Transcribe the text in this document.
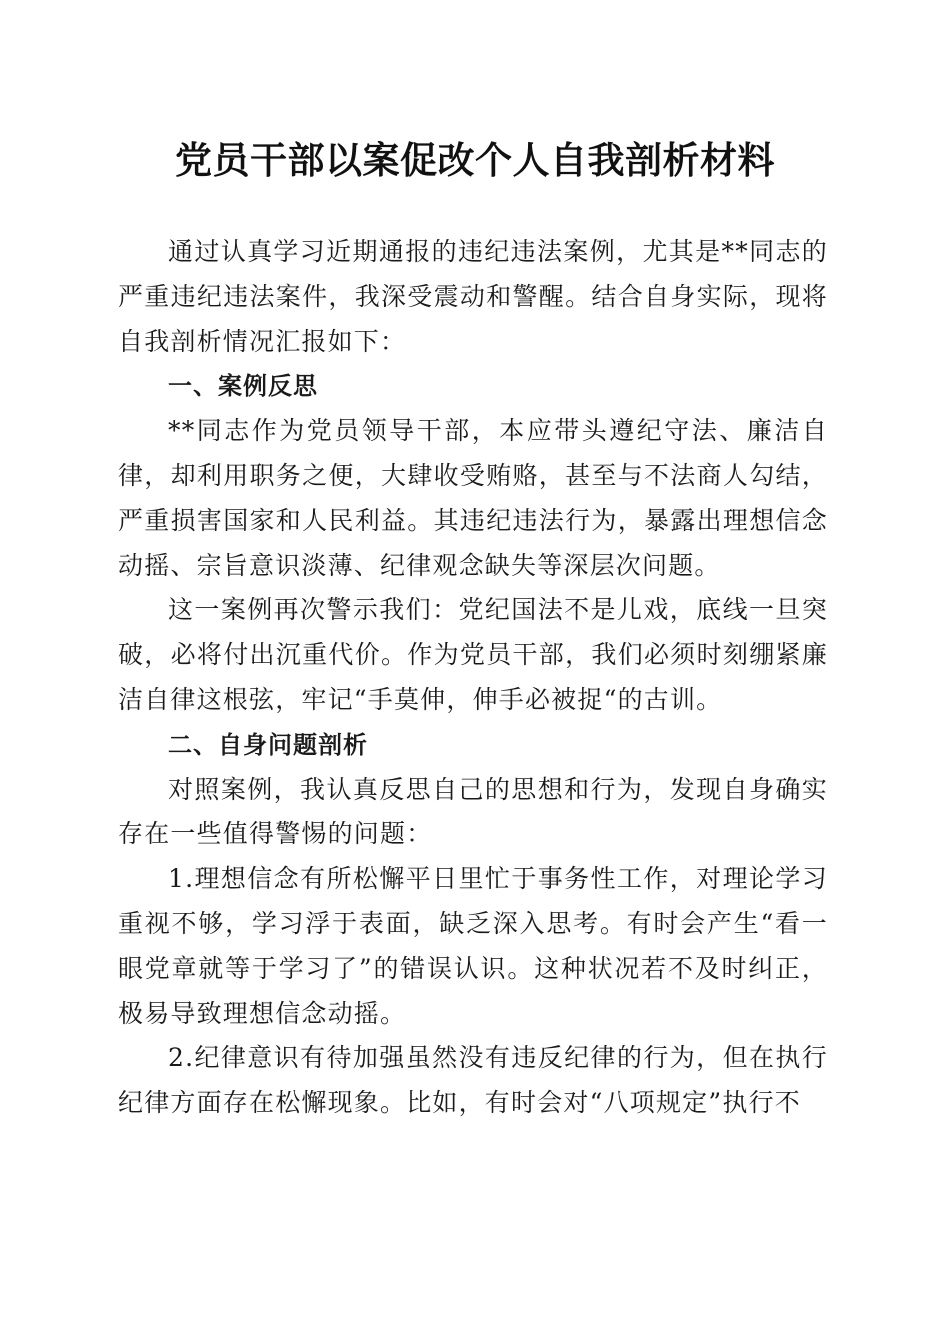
党员干部以案促改个人自我剖析材料

通过认真学习近期通报的违纪违法案例，尤其是**同志的严重违纪违法案件，我深受震动和警醒。结合自身实际，现将自我剖析情况汇报如下：

一、案例反思

**同志作为党员领导干部，本应带头遵纪守法、廉洁自律，却利用职务之便，大肆收受贿赂，甚至与不法商人勾结，严重损害国家和人民利益。其违纪违法行为，暴露出理想信念动摇、宗旨意识淡薄、纪律观念缺失等深层次问题。

这一案例再次警示我们：党纪国法不是儿戏，底线一旦突破，必将付出沉重代价。作为党员干部，我们必须时刻绷紧廉洁自律这根弦，牢记“手莫伸，伸手必被捉“的古训。

二、自身问题剖析

对照案例，我认真反思自己的思想和行为，发现自身确实存在一些值得警惕的问题：

1.理想信念有所松懈平日里忙于事务性工作，对理论学习重视不够，学习浮于表面，缺乏深入思考。有时会产生“看一眼党章就等于学习了”的错误认识。这种状况若不及时纠正，极易导致理想信念动摇。

2.纪律意识有待加强虽然没有违反纪律的行为，但在执行纪律方面存在松懈现象。比如，有时会对“八项规定”执行不
